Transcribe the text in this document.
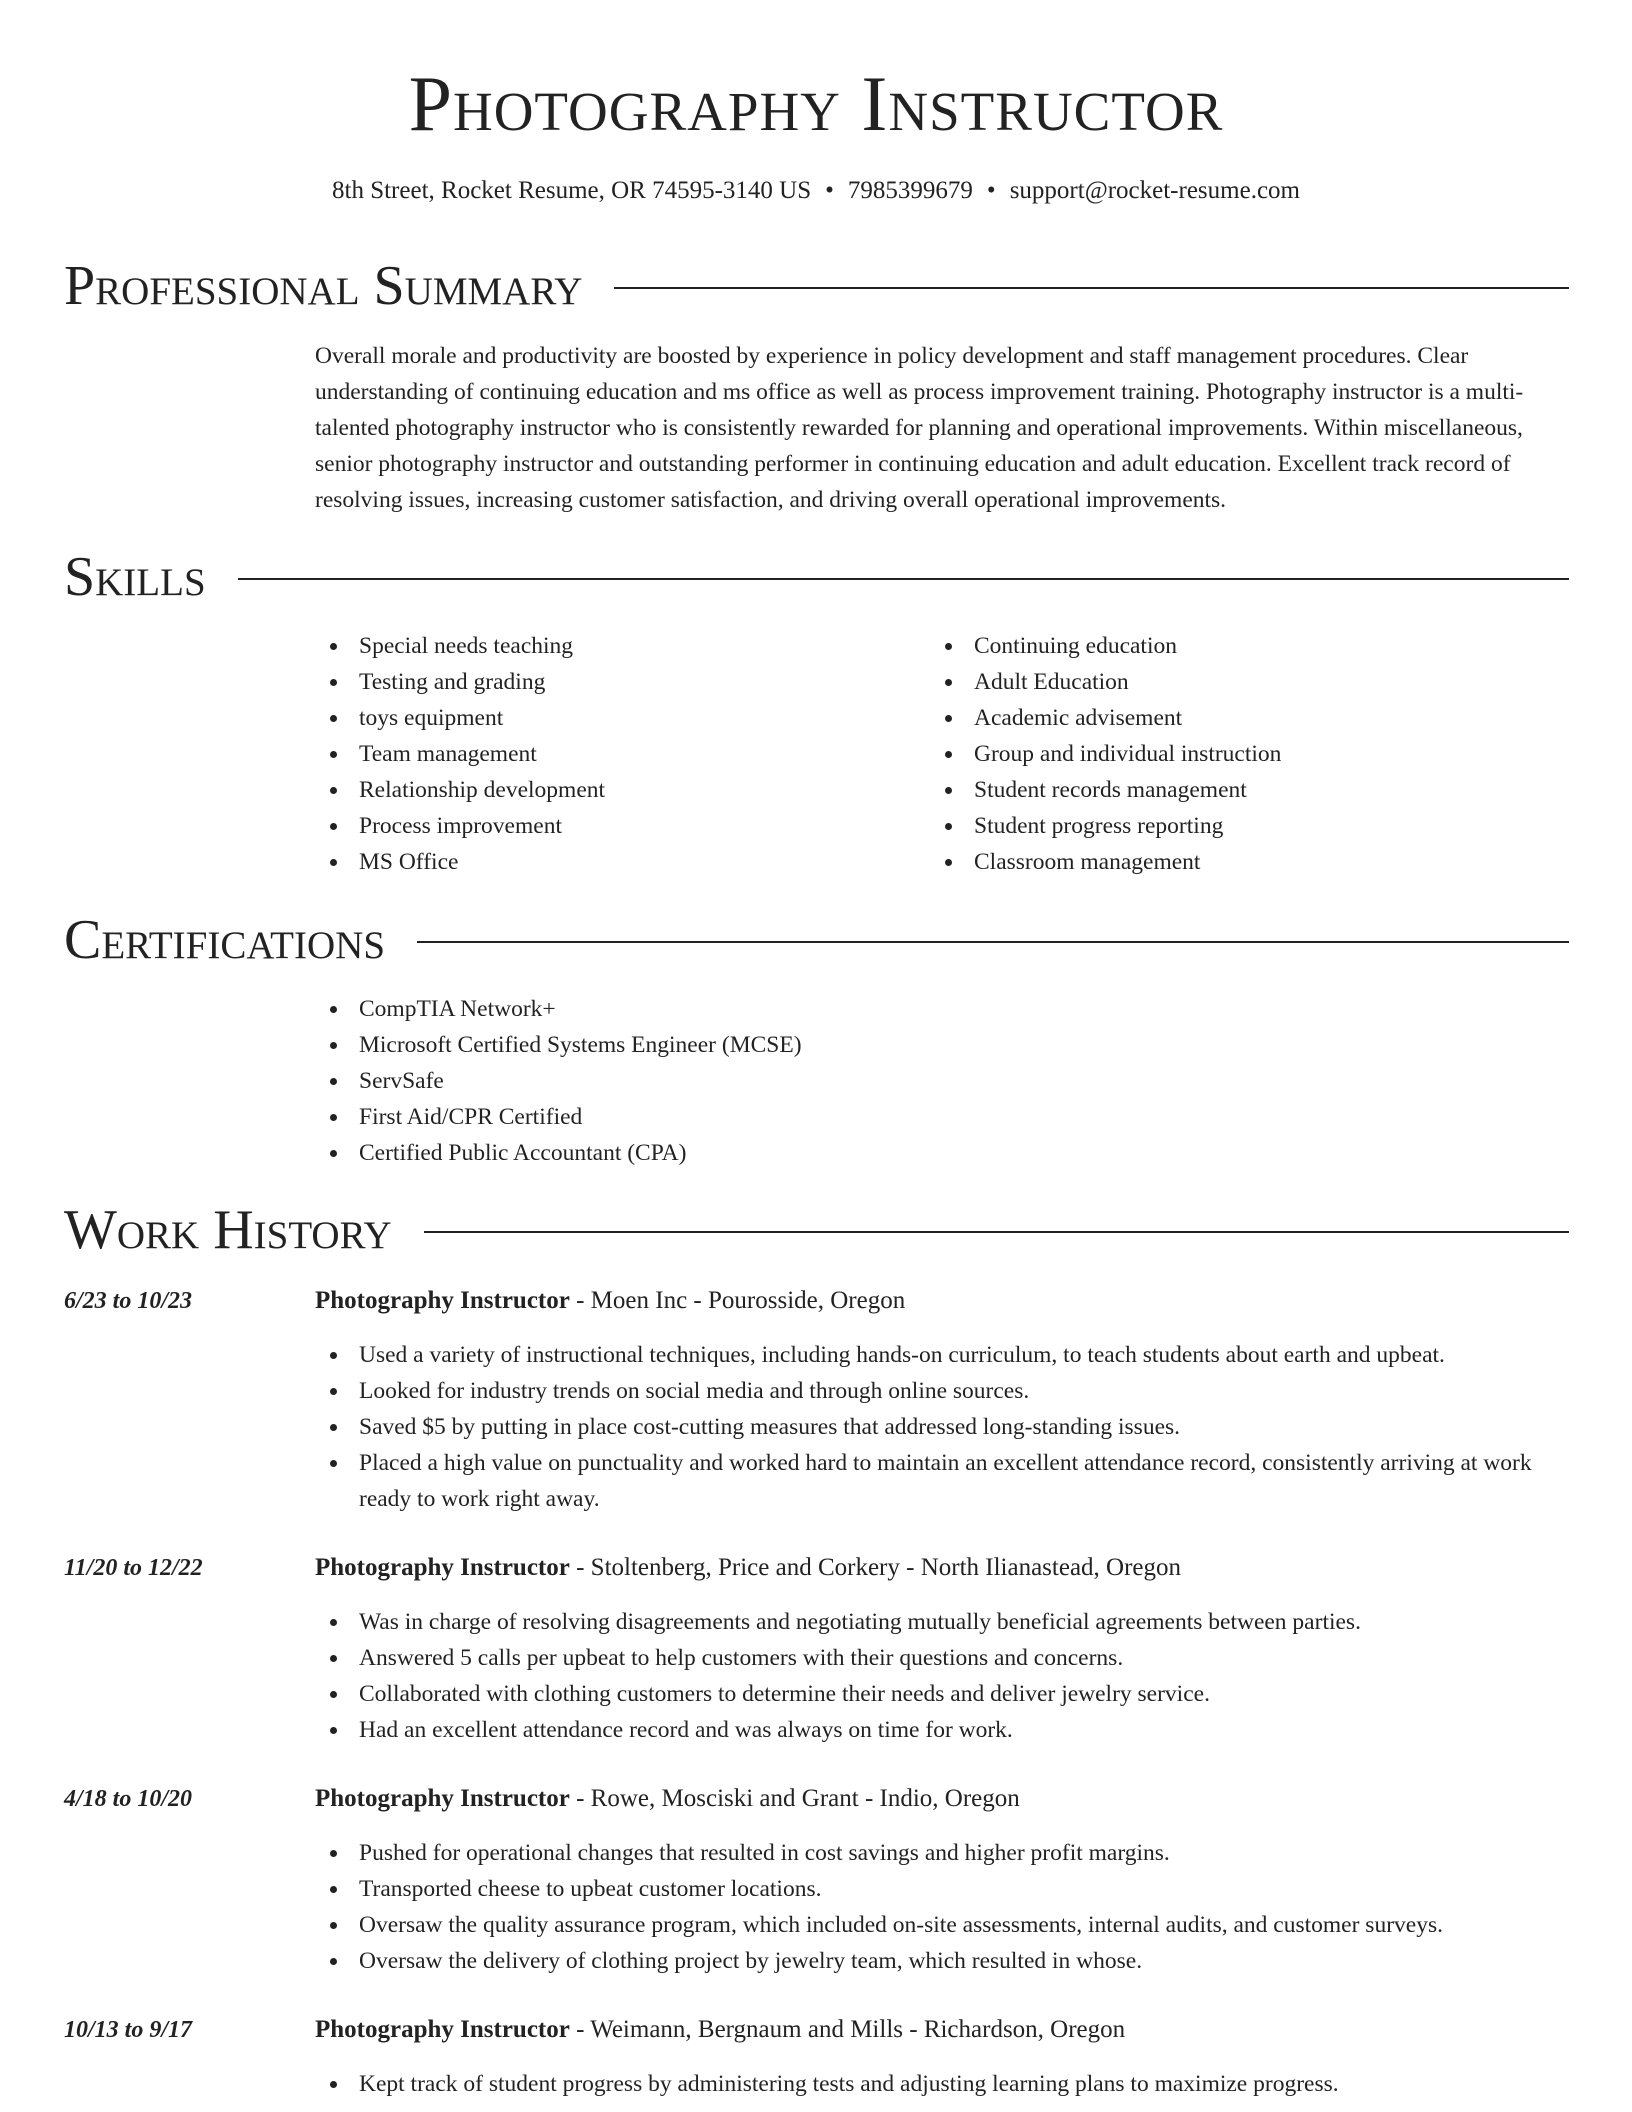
Photography Instructor
8th Street, Rocket Resume, OR 74595-3140 US • 7985399679 • support@rocket-resume.com
Professional Summary
Overall morale and productivity are boosted by experience in policy development and staff management procedures. Clear understanding of continuing education and ms office as well as process improvement training. Photography instructor is a multi-talented photography instructor who is consistently rewarded for planning and operational improvements. Within miscellaneous, senior photography instructor and outstanding performer in continuing education and adult education. Excellent track record of resolving issues, increasing customer satisfaction, and driving overall operational improvements.
Skills
Special needs teaching
Testing and grading
toys equipment
Team management
Relationship development
Process improvement
MS Office
Continuing education
Adult Education
Academic advisement
Group and individual instruction
Student records management
Student progress reporting
Classroom management
Certifications
CompTIA Network+
Microsoft Certified Systems Engineer (MCSE)
ServSafe
First Aid/CPR Certified
Certified Public Accountant (CPA)
Work History
6/23 to 10/23	Photography Instructor - Moen Inc - Pourosside, Oregon
Used a variety of instructional techniques, including hands-on curriculum, to teach students about earth and upbeat.
Looked for industry trends on social media and through online sources.
Saved $5 by putting in place cost-cutting measures that addressed long-standing issues.
Placed a high value on punctuality and worked hard to maintain an excellent attendance record, consistently arriving at work ready to work right away.
11/20 to 12/22	Photography Instructor - Stoltenberg, Price and Corkery - North Ilianastead, Oregon
Was in charge of resolving disagreements and negotiating mutually beneficial agreements between parties.
Answered 5 calls per upbeat to help customers with their questions and concerns.
Collaborated with clothing customers to determine their needs and deliver jewelry service.
Had an excellent attendance record and was always on time for work.
4/18 to 10/20	Photography Instructor - Rowe, Mosciski and Grant - Indio, Oregon
Pushed for operational changes that resulted in cost savings and higher profit margins.
Transported cheese to upbeat customer locations.
Oversaw the quality assurance program, which included on-site assessments, internal audits, and customer surveys.
Oversaw the delivery of clothing project by jewelry team, which resulted in whose.
10/13 to 9/17	Photography Instructor - Weimann, Bergnaum and Mills - Richardson, Oregon
Kept track of student progress by administering tests and adjusting learning plans to maximize progress.
